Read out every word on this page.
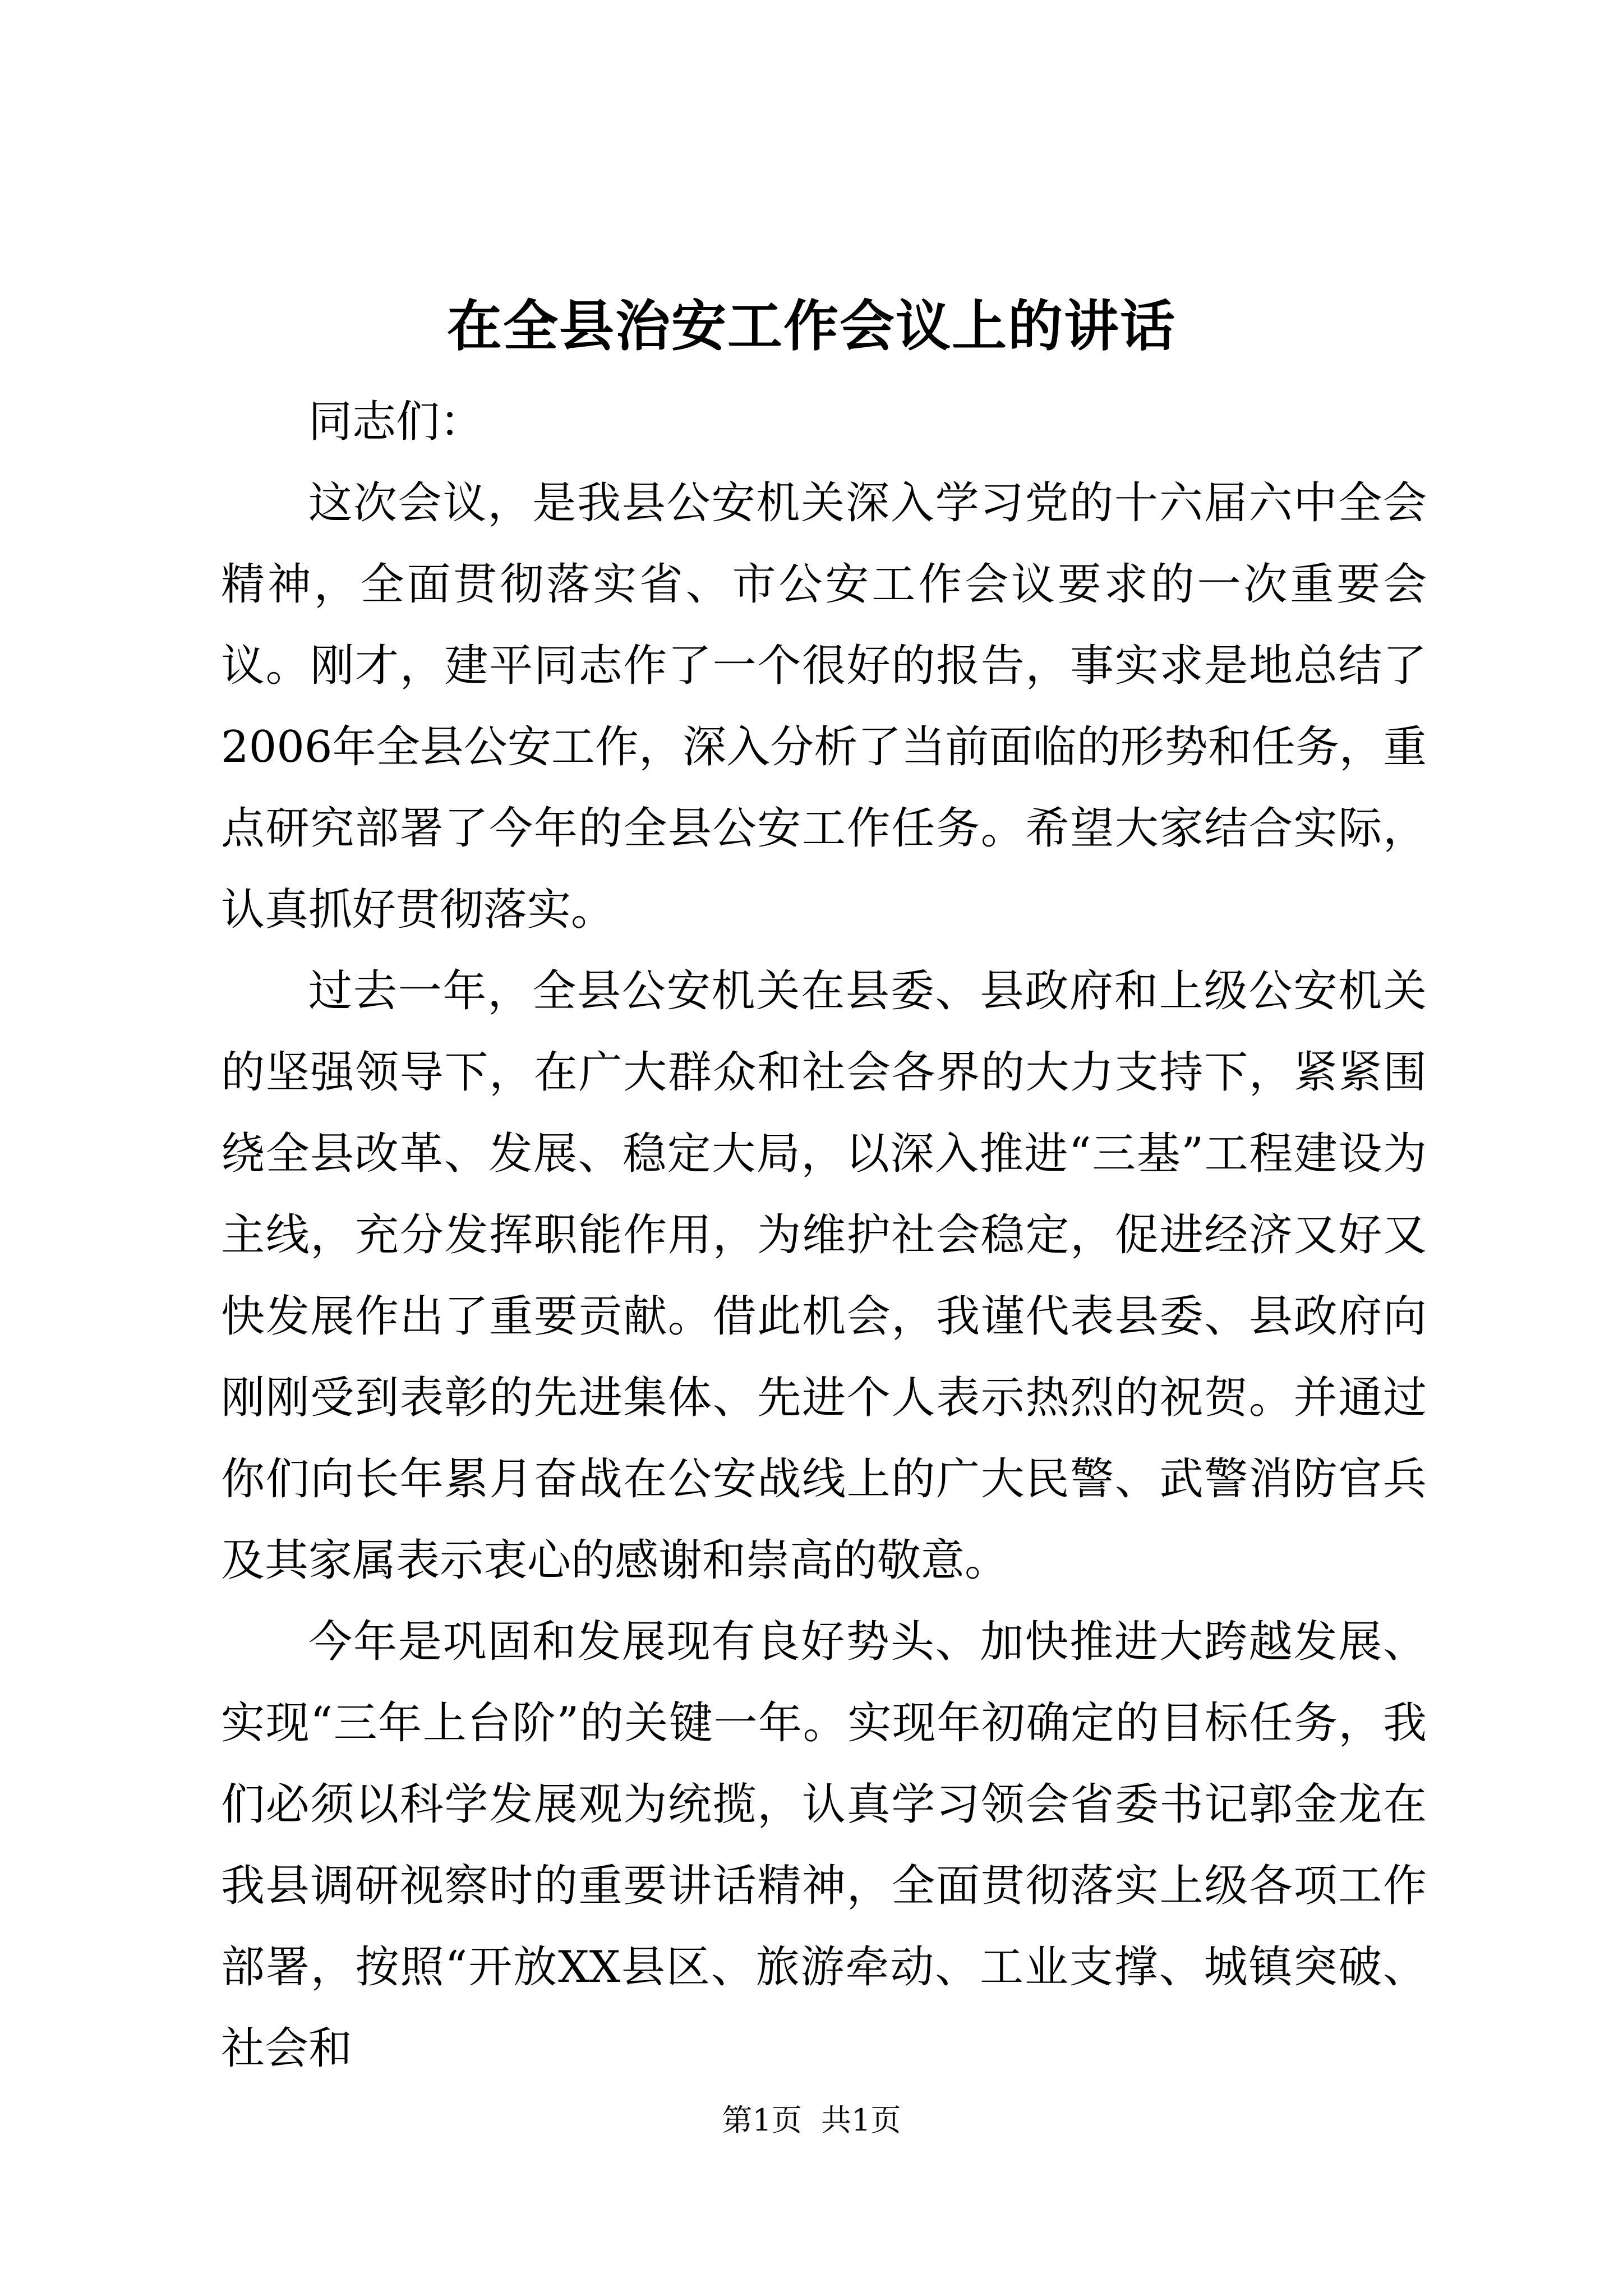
在全县治安工作会议上的讲话

同志们：

这次会议，是我县公安机关深入学习党的十六届六中全会精神，全面贯彻落实省、市公安工作会议要求的一次重要会议。刚才，建平同志作了一个很好的报告，事实求是地总结了2006年全县公安工作，深入分析了当前面临的形势和任务，重点研究部署了今年的全县公安工作任务。希望大家结合实际，认真抓好贯彻落实。

过去一年，全县公安机关在县委、县政府和上级公安机关的坚强领导下，在广大群众和社会各界的大力支持下，紧紧围绕全县改革、发展、稳定大局，以深入推进“三基”工程建设为主线，充分发挥职能作用，为维护社会稳定，促进经济又好又快发展作出了重要贡献。借此机会，我谨代表县委、县政府向刚刚受到表彰的先进集体、先进个人表示热烈的祝贺。并通过你们向长年累月奋战在公安战线上的广大民警、武警消防官兵及其家属表示衷心的感谢和崇高的敬意。

今年是巩固和发展现有良好势头、加快推进大跨越发展、实现“三年上台阶”的关键一年。实现年初确定的目标任务，我们必须以科学发展观为统揽，认真学习领会省委书记郭金龙在我县调研视察时的重要讲话精神，全面贯彻落实上级各项工作部署，按照“开放XX县区、旅游牵动、工业支撑、城镇突破、社会和

第1页 共1页
